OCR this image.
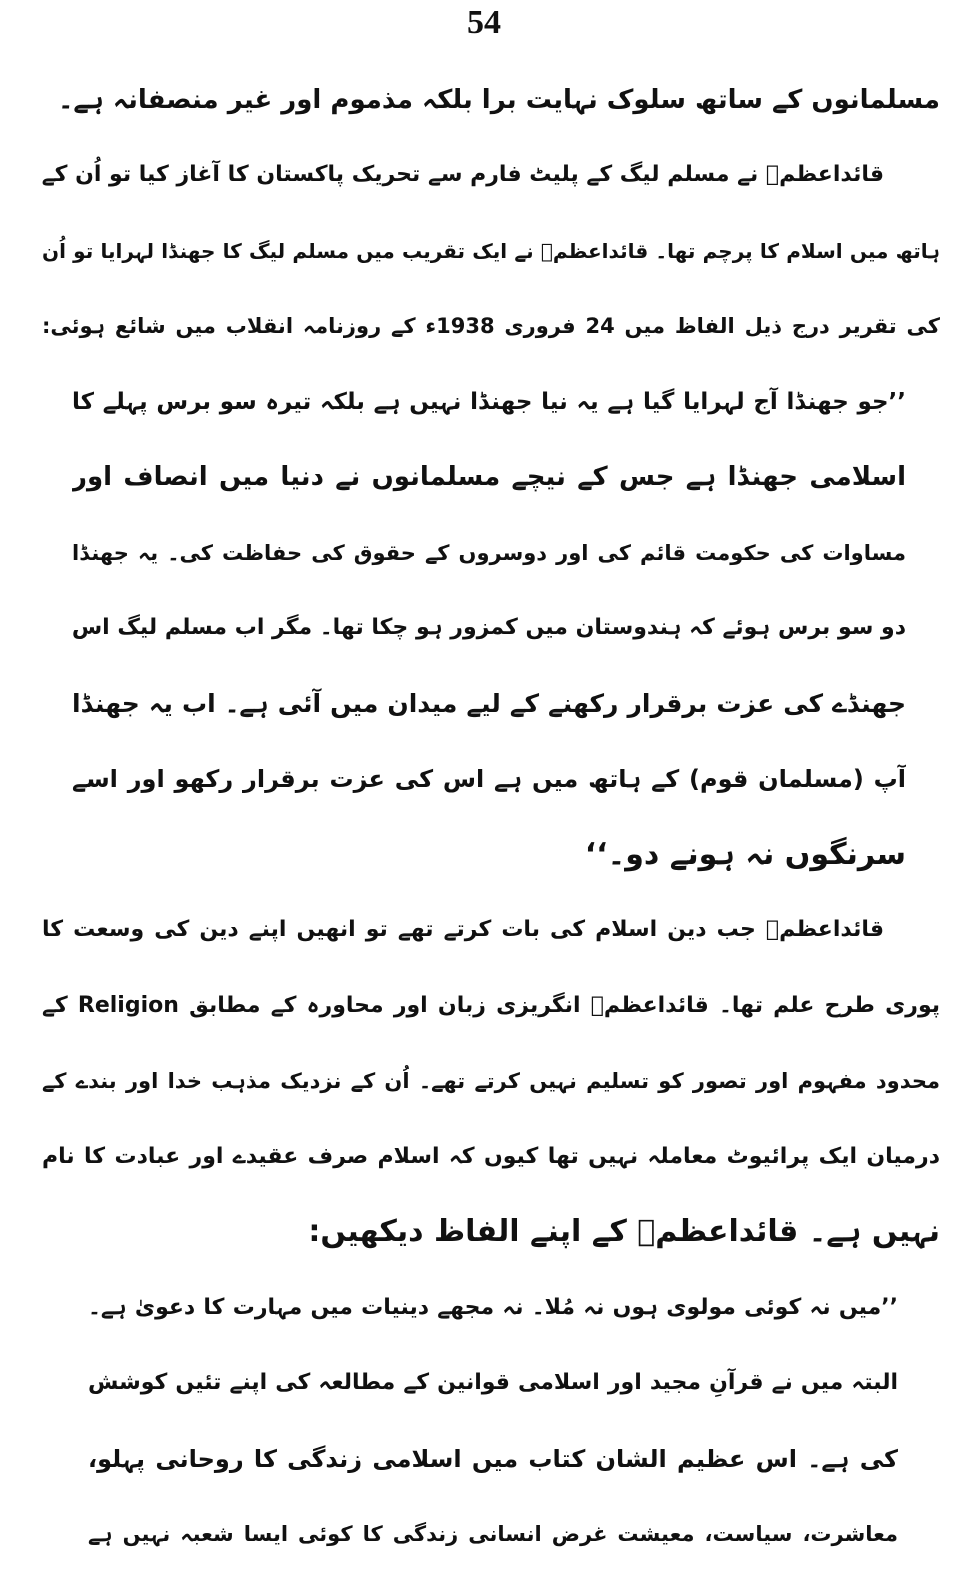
54
مسلمانوں کے ساتھ سلوک نہایت برا بلکہ مذموم اور غیر منصفانہ ہے۔
قائداعظمؒ نے مسلم لیگ کے پلیٹ فارم سے تحریک پاکستان کا آغاز کیا تو اُن کے
ہاتھ میں اسلام کا پرچم تھا۔ قائداعظمؒ نے ایک تقریب میں مسلم لیگ کا جھنڈا لہرایا تو اُن
کی تقریر درج ذیل الفاظ میں 24 فروری 1938ء کے روزنامہ انقلاب میں شائع ہوئی:
’’جو جھنڈا آج لہرایا گیا ہے یہ نیا جھنڈا نہیں ہے بلکہ تیرہ سو برس پہلے کا
اسلامی جھنڈا ہے جس کے نیچے مسلمانوں نے دنیا میں انصاف اور
مساوات کی حکومت قائم کی اور دوسروں کے حقوق کی حفاظت کی۔ یہ جھنڈا
دو سو برس ہوئے کہ ہندوستان میں کمزور ہو چکا تھا۔ مگر اب مسلم لیگ اس
جھنڈے کی عزت برقرار رکھنے کے لیے میدان میں آئی ہے۔ اب یہ جھنڈا
آپ (مسلمان قوم) کے ہاتھ میں ہے اس کی عزت برقرار رکھو اور اسے
سرنگوں نہ ہونے دو۔‘‘
قائداعظمؒ جب دین اسلام کی بات کرتے تھے تو انھیں اپنے دین کی وسعت کا
پوری طرح علم تھا۔ قائداعظمؒ انگریزی زبان اور محاورہ کے مطابق Religion کے
محدود مفہوم اور تصور کو تسلیم نہیں کرتے تھے۔ اُن کے نزدیک مذہب خدا اور بندے کے
درمیان ایک پرائیوٹ معاملہ نہیں تھا کیوں کہ اسلام صرف عقیدے اور عبادت کا نام
نہیں ہے۔ قائداعظمؒ کے اپنے الفاظ دیکھیں:
’’میں نہ کوئی مولوی ہوں نہ مُلا۔ نہ مجھے دینیات میں مہارت کا دعویٰ ہے۔
البتہ میں نے قرآنِ مجید اور اسلامی قوانین کے مطالعہ کی اپنے تئیں کوشش
کی ہے۔ اس عظیم الشان کتاب میں اسلامی زندگی کا روحانی پہلو،
معاشرت، سیاست، معیشت غرض انسانی زندگی کا کوئی ایسا شعبہ نہیں ہے
